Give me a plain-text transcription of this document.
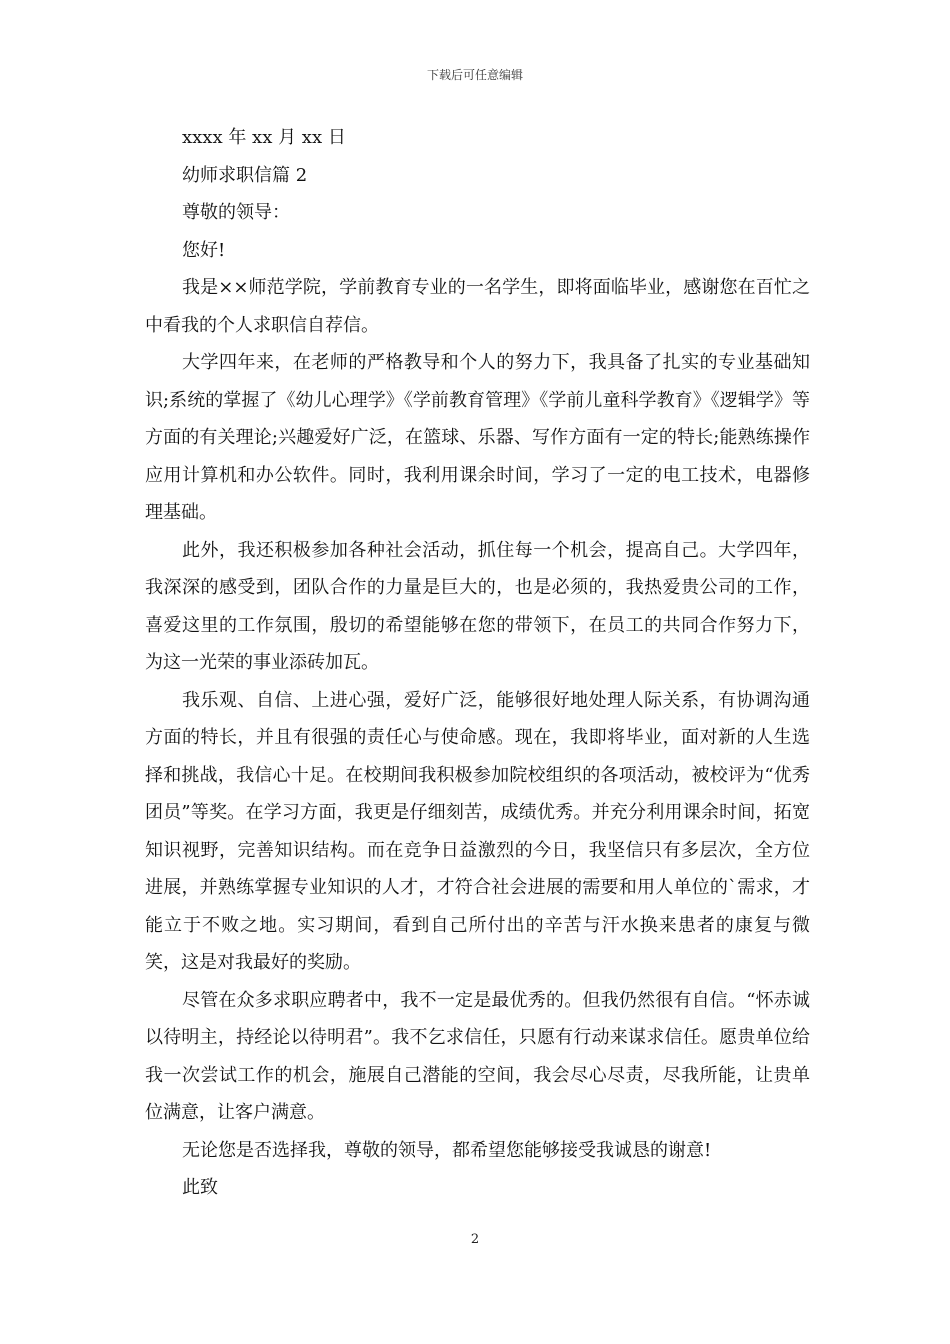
下载后可任意编辑

xxxx 年 xx 月 xx 日

幼师求职信篇 2

尊敬的领导：

您好!

我是××师范学院，学前教育专业的一名学生，即将面临毕业，感谢您在百忙之中看我的个人求职信自荐信。

大学四年来，在老师的严格教导和个人的努力下，我具备了扎实的专业基础知识;系统的掌握了《幼儿心理学》《学前教育管理》《学前儿童科学教育》《逻辑学》等方面的有关理论;兴趣爱好广泛，在篮球、乐器、写作方面有一定的特长;能熟练操作应用计算机和办公软件。同时，我利用课余时间，学习了一定的电工技术，电器修理基础。

此外，我还积极参加各种社会活动，抓住每一个机会，提高自己。大学四年，我深深的感受到，团队合作的力量是巨大的，也是必须的，我热爱贵公司的工作，喜爱这里的工作氛围，殷切的希望能够在您的带领下，在员工的共同合作努力下，为这一光荣的事业添砖加瓦。

我乐观、自信、上进心强，爱好广泛，能够很好地处理人际关系，有协调沟通方面的特长，并且有很强的责任心与使命感。现在，我即将毕业，面对新的人生选择和挑战，我信心十足。在校期间我积极参加院校组织的各项活动，被校评为“优秀团员”等奖。在学习方面，我更是仔细刻苦，成绩优秀。并充分利用课余时间，拓宽知识视野，完善知识结构。而在竞争日益激烈的今日，我坚信只有多层次，全方位进展，并熟练掌握专业知识的人才，才符合社会进展的需要和用人单位的`需求，才能立于不败之地。实习期间，看到自己所付出的辛苦与汗水换来患者的康复与微笑，这是对我最好的奖励。

尽管在众多求职应聘者中，我不一定是最优秀的。但我仍然很有自信。“怀赤诚以待明主，持经论以待明君”。我不乞求信任，只愿有行动来谋求信任。愿贵单位给我一次尝试工作的机会，施展自己潜能的空间，我会尽心尽责，尽我所能，让贵单位满意，让客户满意。

无论您是否选择我，尊敬的领导，都希望您能够接受我诚恳的谢意!

此致

2
